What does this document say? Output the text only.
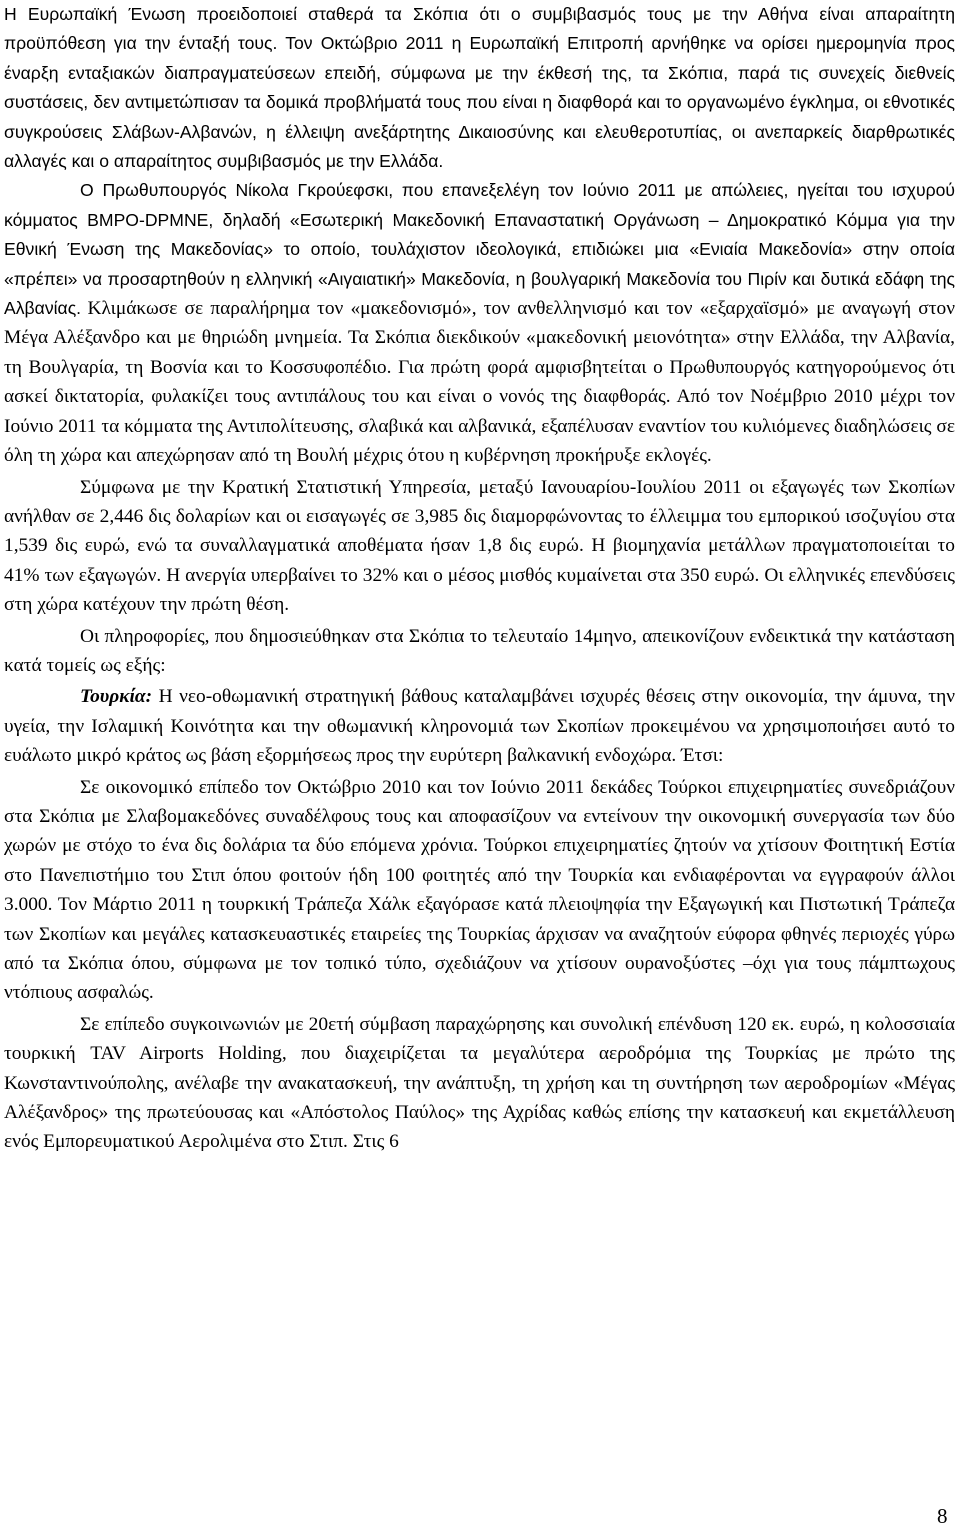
Η Ευρωπαϊκή Ένωση προειδοποιεί σταθερά τα Σκόπια ότι ο συμβιβασμός τους με την Αθήνα είναι απαραίτητη προϋπόθεση για την ένταξή τους. Τον Οκτώβριο 2011 η Ευρωπαϊκή Επιτροπή αρνήθηκε να ορίσει ημερομηνία προς έναρξη ενταξιακών διαπραγματεύσεων επειδή, σύμφωνα με την έκθεσή της, τα Σκόπια, παρά τις συνεχείς διεθνείς συστάσεις, δεν αντιμετώπισαν τα δομικά προβλήματά τους που είναι η διαφθορά και το οργανωμένο έγκλημα, οι εθνοτικές συγκρούσεις Σλάβων-Αλβανών, η έλλειψη ανεξάρτητης Δικαιοσύνης και ελευθεροτυπίας, οι ανεπαρκείς διαρθρωτικές αλλαγές και ο απαραίτητος συμβιβασμός με την Ελλάδα.

Ο Πρωθυπουργός Νίκολα Γκρούεφσκι, που επανεξελέγη τον Ιούνιο 2011 με απώλειες, ηγείται του ισχυρού κόμματος ΒΜΡΟ-DPMNE, δηλαδή «Εσωτερική Μακεδονική Επαναστατική Οργάνωση – Δημοκρατικό Κόμμα για την Εθνική Ένωση της Μακεδονίας» το οποίο, τουλάχιστον ιδεολογικά, επιδιώκει μια «Ενιαία Μακεδονία» στην οποία «πρέπει» να προσαρτηθούν η ελληνική «Αιγαιατική» Μακεδονία, η βουλγαρική Μακεδονία του Πιρίν και δυτικά εδάφη της Αλβανίας. Κλιμάκωσε σε παραλήρημα τον «μακεδονισμό», τον ανθελληνισμό και τον «εξαρχαϊσμό» με αναγωγή στον Μέγα Αλέξανδρο και με θηριώδη μνημεία. Τα Σκόπια διεκδικούν «μακεδονική μειονότητα» στην Ελλάδα, την Αλβανία, τη Βουλγαρία, τη Βοσνία και το Κοσσυφοπέδιο. Για πρώτη φορά αμφισβητείται ο Πρωθυπουργός κατηγορούμενος ότι ασκεί δικτατορία, φυλακίζει τους αντιπάλους του και είναι ο νονός της διαφθοράς. Από τον Νοέμβριο 2010 μέχρι τον Ιούνιο 2011 τα κόμματα της Αντιπολίτευσης, σλαβικά και αλβανικά, εξαπέλυσαν εναντίον του κυλιόμενες διαδηλώσεις σε όλη τη χώρα και απεχώρησαν από τη Βουλή μέχρις ότου η κυβέρνηση προκήρυξε εκλογές.

Σύμφωνα με την Κρατική Στατιστική Υπηρεσία, μεταξύ Ιανουαρίου-Ιουλίου 2011 οι εξαγωγές των Σκοπίων ανήλθαν σε 2,446 δις δολαρίων και οι εισαγωγές σε 3,985 δις διαμορφώνοντας το έλλειμμα του εμπορικού ισοζυγίου στα 1,539 δις ευρώ, ενώ τα συναλλαγματικά αποθέματα ήσαν 1,8 δις ευρώ. Η βιομηχανία μετάλλων πραγματοποιείται το 41% των εξαγωγών. Η ανεργία υπερβαίνει το 32% και ο μέσος μισθός κυμαίνεται στα 350 ευρώ. Οι ελληνικές επενδύσεις στη χώρα κατέχουν την πρώτη θέση.

Οι πληροφορίες, που δημοσιεύθηκαν στα Σκόπια το τελευταίο 14μηνο, απεικονίζουν ενδεικτικά την κατάσταση κατά τομείς ως εξής:

Τουρκία: Η νεο-οθωμανική στρατηγική βάθους καταλαμβάνει ισχυρές θέσεις στην οικονομία, την άμυνα, την υγεία, την Ισλαμική Κοινότητα και την οθωμανική κληρονομιά των Σκοπίων προκειμένου να χρησιμοποιήσει αυτό το ευάλωτο μικρό κράτος ως βάση εξορμήσεως προς την ευρύτερη βαλκανική ενδοχώρα. Έτσι:

Σε οικονομικό επίπεδο τον Οκτώβριο 2010 και τον Ιούνιο 2011 δεκάδες Τούρκοι επιχειρηματίες συνεδριάζουν στα Σκόπια με Σλαβομακεδόνες συναδέλφους τους και αποφασίζουν να εντείνουν την οικονομική συνεργασία των δύο χωρών με στόχο το ένα δις δολάρια τα δύο επόμενα χρόνια. Τούρκοι επιχειρηματίες ζητούν να χτίσουν Φοιτητική Εστία στο Πανεπιστήμιο του Στιπ όπου φοιτούν ήδη 100 φοιτητές από την Τουρκία και ενδιαφέρονται να εγγραφούν άλλοι 3.000. Τον Μάρτιο 2011 η τουρκική Τράπεζα Χάλκ εξαγόρασε κατά πλειοψηφία την Εξαγωγική και Πιστωτική Τράπεζα των Σκοπίων και μεγάλες κατασκευαστικές εταιρείες της Τουρκίας άρχισαν να αναζητούν εύφορα φθηνές περιοχές γύρω από τα Σκόπια όπου, σύμφωνα με τον τοπικό τύπο, σχεδιάζουν να χτίσουν ουρανοξύστες –όχι για τους πάμπτωχους ντόπιους ασφαλώς.

Σε επίπεδο συγκοινωνιών με 20ετή σύμβαση παραχώρησης και συνολική επένδυση 120 εκ. ευρώ, η κολοσσιαία τουρκική TAV Airports Holding, που διαχειρίζεται τα μεγαλύτερα αεροδρόμια της Τουρκίας με πρώτο της Κωνσταντινούπολης, ανέλαβε την ανακατασκευή, την ανάπτυξη, τη χρήση και τη συντήρηση των αεροδρομίων «Μέγας Αλέξανδρος» της πρωτεύουσας και «Απόστολος Παύλος» της Αχρίδας καθώς επίσης την κατασκευή και εκμετάλλευση ενός Εμπορευματικού Αερολιμένα στο Στιπ. Στις 6

8
